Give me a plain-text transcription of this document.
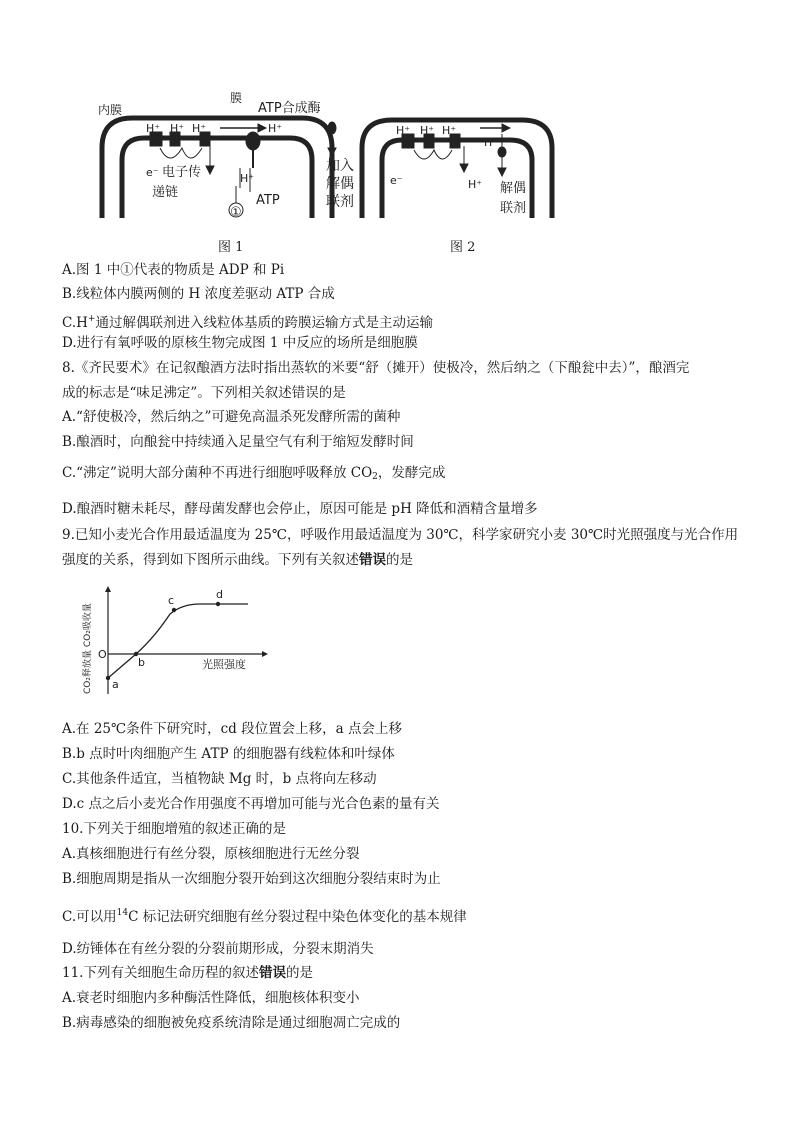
内膜
膜
ATP合成酶
H⁺ H⁺ H⁺	H⁺
H⁺
e⁻ 电子传
递链
ATP
①
加 入
解 偶
联 剂
H⁺ H⁺ H⁺
H⁺
H⁺
e⁻
解偶
联剂
图 1	图 2
A.图 1 中①代表的物质是 ADP 和 Pi
B.线粒体内膜两侧的 H 浓度差驱动 ATP 合成
C.H+通过解偶联剂进入线粒体基质的跨膜运输方式是主动运输
D.进行有氧呼吸的原核生物完成图 1 中反应的场所是细胞膜
8.《齐民要术》在记叙酿酒方法时指出蒸软的米要“舒（摊开）使极冷，然后纳之（下酿瓮中去）”，酿酒完
成的标志是“味足沸定”。下列相关叙述错误的是
A.“舒使极冷，然后纳之”可避免高温杀死发酵所需的菌种
B.酿酒时，向酿瓮中持续通入足量空气有利于缩短发酵时间
C.“沸定”说明大部分菌种不再进行细胞呼吸释放 $CO_2$，发酵完成
D.酿酒时糖未耗尽，酵母菌发酵也会停止，原因可能是 pH 降低和酒精含量增多
9.已知小麦光合作用最适温度为 25℃，呼吸作用最适温度为 30℃，科学家研究小麦 30℃时光照强度与光合作用
强度的关系，得到如下图所示曲线。下列有关叙述错误的是
O
a
b
c	d
光照强度
CO₂释放量 CO₂吸收量
A.在 25℃条件下研究时，cd 段位置会上移，a 点会上移
B.b 点时叶肉细胞产生 ATP 的细胞器有线粒体和叶绿体
C.其他条件适宜，当植物缺 Mg 时，b 点将向左移动
D.c 点之后小麦光合作用强度不再增加可能与光合色素的量有关
10.下列关于细胞增殖的叙述正确的是
A.真核细胞进行有丝分裂，原核细胞进行无丝分裂
B.细胞周期是指从一次细胞分裂开始到这次细胞分裂结束时为止
C.可以用$^{14}$C 标记法研究细胞有丝分裂过程中染色体变化的基本规律
D.纺锤体在有丝分裂的分裂前期形成，分裂末期消失
11.下列有关细胞生命历程的叙述错误的是
A.衰老时细胞内多种酶活性降低，细胞核体积变小
B.病毒感染的细胞被免疫系统清除是通过细胞凋亡完成的
